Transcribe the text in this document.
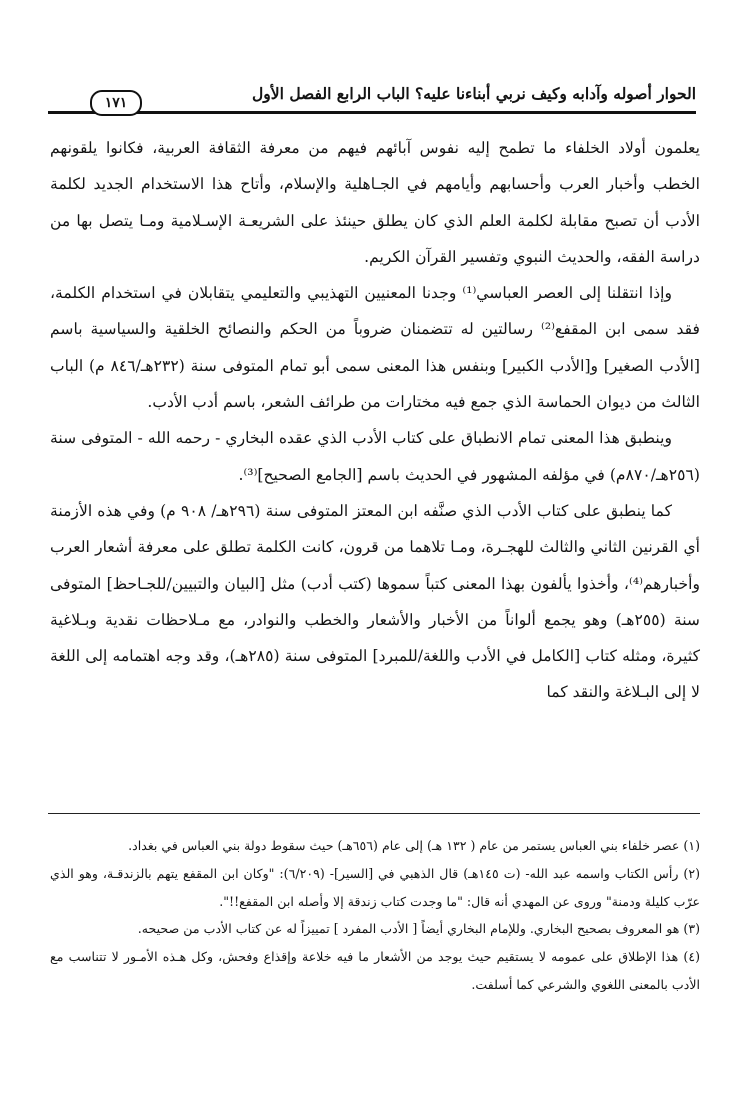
الحوار أصوله وآدابه وكيف نربي أبناءنا عليه؟ الباب الرابع الفصل الأول
١٧١

يعلمون أولاد الخلفاء ما تطمح إليه نفوس آبائهم فيهم من معرفة الثقافة العربية، فكانوا يلقونهم الخطب وأخبار العرب وأحسابهم وأيامهم في الجـاهلية والإسلام، وأتاح هذا الاستخدام الجديد لكلمة الأدب أن تصبح مقابلة لكلمة العلم الذي كان يطلق حينئذ على الشريعـة الإسـلامية ومـا يتصل بها من دراسة الفقه، والحديث النبوي وتفسير القرآن الكريم.

وإذا انتقلنا إلى العصر العباسي⁽¹⁾ وجدنا المعنيين التهذيبي والتعليمي يتقابلان في استخدام الكلمة، فقد سمى ابن المقفع⁽²⁾ رسالتين له تتضمنان ضروباً من الحكم والنصائح الخلقية والسياسية باسم [الأدب الصغير] و[الأدب الكبير] وبنفس هذا المعنى سمى أبو تمام المتوفى سنة (٢٣٢هـ/٨٤٦ م) الباب الثالث من ديوان الحماسة الذي جمع فيه مختارات من طرائف الشعر، باسم أدب الأدب.

وينطبق هذا المعنى تمام الانطباق على كتاب الأدب الذي عقده البخاري - رحمه الله - المتوفى سنة (٢٥٦هـ/٨٧٠م) في مؤلفه المشهور في الحديث باسم [الجامع الصحيح]⁽³⁾.

كما ينطبق على كتاب الأدب الذي صنَّفه ابن المعتز المتوفى سنة (٢٩٦هـ/ ٩٠٨ م) وفي هذه الأزمنة أي القرنين الثاني والثالث للهجـرة، ومـا تلاهما من قرون، كانت الكلمة تطلق على معرفة أشعار العرب وأخبارهم⁽⁴⁾، وأخذوا يألفون بهذا المعنى كتباً سموها (كتب أدب) مثل [البيان والتبيين/للجـاحظ] المتوفى سنة (٢٥٥هـ) وهو يجمع ألواناً من الأخبار والأشعار والخطب والنوادر، مع مـلاحظات نقدية وبـلاغية كثيرة، ومثله كتاب [الكامل في الأدب واللغة/للمبرد] المتوفى سنة (٢٨٥هـ)، وقد وجه اهتمامه إلى اللغة لا إلى البـلاغة والنقد كما

(١) عصر خلفاء بني العباس يستمر من عام ( ١٣٢ هـ) إلى عام (٦٥٦هـ) حيث سقوط دولة بني العباس في بغداد.

(٢) رأس الكتاب واسمه عبد الله- (ت ١٤٥هـ) قال الذهبي في [السير]- (٦/٢٠٩): "وكان ابن المقفع يتهم بالزندقـة، وهو الذي عرّب كليلة ودمنة" وروى عن المهدي أنه قال: "ما وجدت كتاب زندقة إلا وأصله ابن المقفع!!".

(٣) هو المعروف بصحيح البخاري. وللإمام البخاري أيضاً [ الأدب المفرد ] تمييزاً له عن كتاب الأدب من صحيحه.

(٤) هذا الإطلاق على عمومه لا يستقيم حيث يوجد من الأشعار ما فيه خلاعة وإقذاع وفحش، وكل هـذه الأمـور لا تتناسب مع الأدب بالمعنى اللغوي والشرعي كما أسلفت.
